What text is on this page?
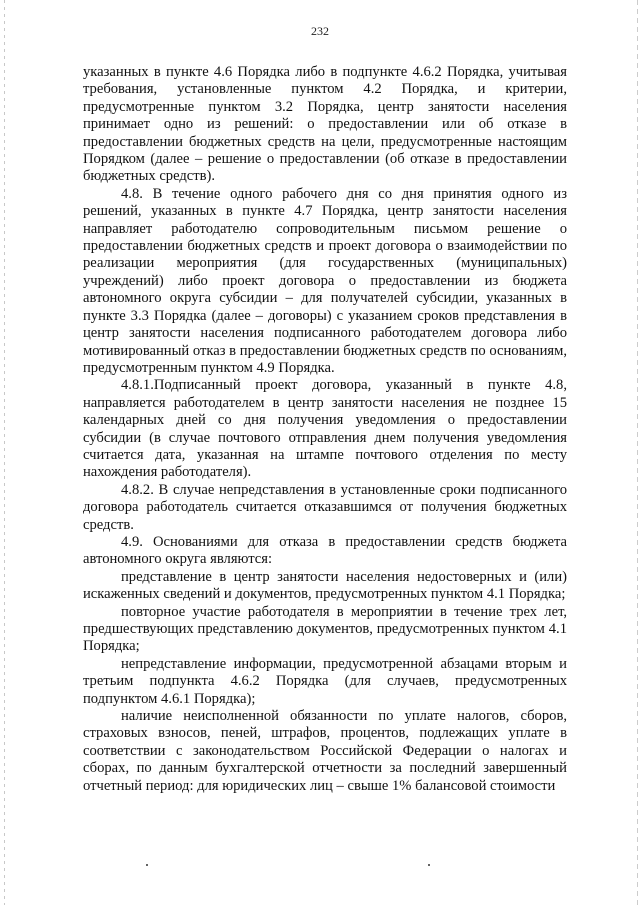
232

указанных в пункте 4.6 Порядка либо в подпункте 4.6.2 Порядка, учитывая требования, установленные пунктом 4.2 Порядка, и критерии, предусмотренные пунктом 3.2 Порядка, центр занятости населения принимает одно из решений: о предоставлении или об отказе в предоставлении бюджетных средств на цели, предусмотренные настоящим Порядком (далее – решение о предоставлении (об отказе в предоставлении бюджетных средств).

4.8. В течение одного рабочего дня со дня принятия одного из решений, указанных в пункте 4.7 Порядка, центр занятости населения направляет работодателю сопроводительным письмом решение о предоставлении бюджетных средств и проект договора о взаимодействии по реализации мероприятия (для государственных (муниципальных) учреждений) либо проект договора о предоставлении из бюджета автономного округа субсидии – для получателей субсидии, указанных в пункте 3.3 Порядка (далее – договоры) с указанием сроков представления в центр занятости населения подписанного работодателем договора либо мотивированный отказ в предоставлении бюджетных средств по основаниям, предусмотренным пунктом 4.9 Порядка.

4.8.1.Подписанный проект договора, указанный в пункте 4.8, направляется работодателем в центр занятости населения не позднее 15 календарных дней со дня получения уведомления о предоставлении субсидии (в случае почтового отправления днем получения уведомления считается дата, указанная на штампе почтового отделения по месту нахождения работодателя).

4.8.2. В случае непредставления в установленные сроки подписанного договора работодатель считается отказавшимся от получения бюджетных средств.

4.9. Основаниями для отказа в предоставлении средств бюджета автономного округа являются:

представление в центр занятости населения недостоверных и (или) искаженных сведений и документов, предусмотренных пунктом 4.1 Порядка;

повторное участие работодателя в мероприятии в течение трех лет, предшествующих представлению документов, предусмотренных пунктом 4.1 Порядка;

непредставление информации, предусмотренной абзацами вторым и третьим подпункта 4.6.2 Порядка (для случаев, предусмотренных подпунктом 4.6.1 Порядка);

наличие неисполненной обязанности по уплате налогов, сборов, страховых взносов, пеней, штрафов, процентов, подлежащих уплате в соответствии с законодательством Российской Федерации о налогах и сборах, по данным бухгалтерской отчетности за последний завершенный отчетный период: для юридических лиц – свыше 1% балансовой стоимости
